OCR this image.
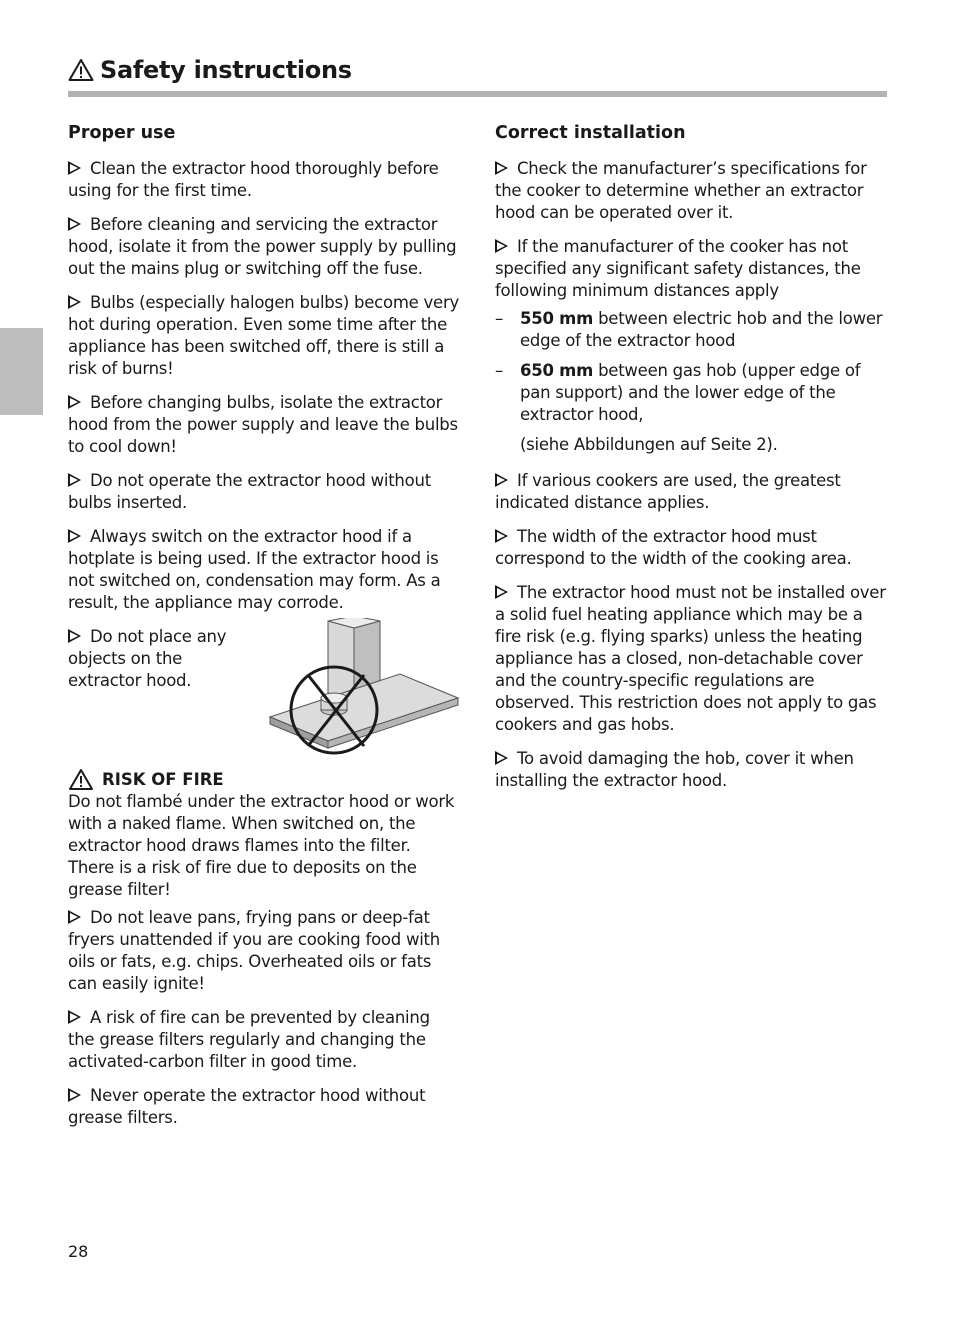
Safety instructions
Proper use

Clean the extractor hood thoroughly before using for the first time.

Before cleaning and servicing the extractor hood, isolate it from the power supply by pulling out the mains plug or switching off the fuse.

Bulbs (especially halogen bulbs) become very hot during operation. Even some time after the appliance has been switched off, there is still a risk of burns!

Before changing bulbs, isolate the extractor hood from the power supply and leave the bulbs to cool down!

Do not operate the extractor hood without bulbs inserted.

Always switch on the extractor hood if a hotplate is being used. If the extractor hood is not switched on, condensation may form. As a result, the appliance may corrode.

Do not place any objects on the extractor hood.

RISK OF FIRE

Do not flambé under the extractor hood or work with a naked flame. When switched on, the extractor hood draws flames into the filter. There is a risk of fire due to deposits on the grease filter!

Do not leave pans, frying pans or deep-fat fryers unattended if you are cooking food with oils or fats, e.g. chips. Overheated oils or fats can easily ignite!

A risk of fire can be prevented by cleaning the grease filters regularly and changing the activated-carbon filter in good time.

Never operate the extractor hood without grease filters.

Correct installation

Check the manufacturer’s specifications for the cooker to determine whether an extractor hood can be operated over it.

If the manufacturer of the cooker has not specified any significant safety distances, the following minimum distances apply

– 550 mm between electric hob and the lower edge of the extractor hood

– 650 mm between gas hob (upper edge of pan support) and the lower edge of the extractor hood,

(siehe Abbildungen auf Seite 2).

If various cookers are used, the greatest indicated distance applies.

The width of the extractor hood must correspond to the width of the cooking area.

The extractor hood must not be installed over a solid fuel heating appliance which may be a fire risk (e.g. flying sparks) unless the heating appliance has a closed, non-detachable cover and the country-specific regulations are observed. This restriction does not apply to gas cookers and gas hobs.

To avoid damaging the hob, cover it when installing the extractor hood.

28
